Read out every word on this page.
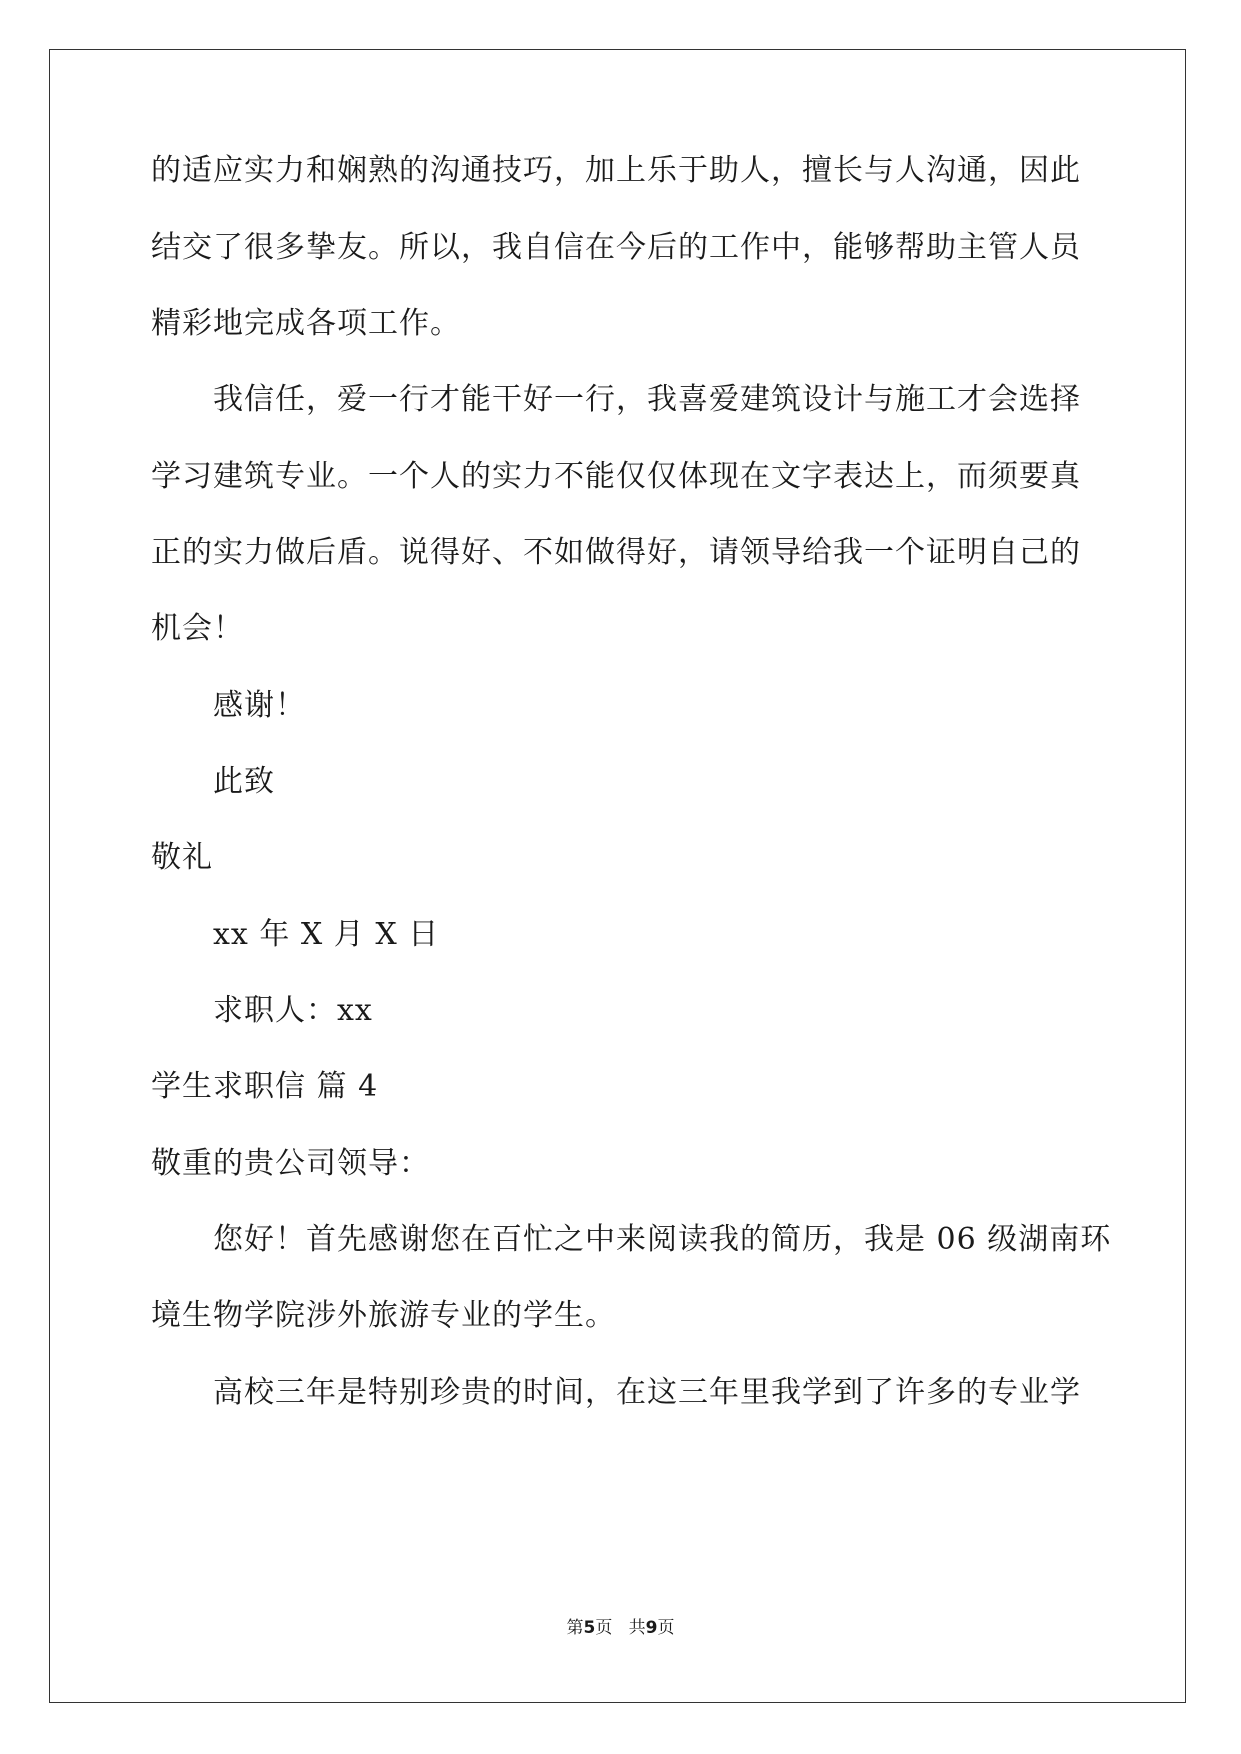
的适应实力和娴熟的沟通技巧，加上乐于助人，擅长与人沟通，因此
结交了很多挚友。所以，我自信在今后的工作中，能够帮助主管人员
精彩地完成各项工作。
我信任，爱一行才能干好一行，我喜爱建筑设计与施工才会选择
学习建筑专业。一个人的实力不能仅仅体现在文字表达上，而须要真
正的实力做后盾。说得好、不如做得好，请领导给我一个证明自己的
机会！
感谢！
此致
敬礼
xx 年 X 月 X 日
求职人：xx
学生求职信 篇 4
敬重的贵公司领导：
您好！首先感谢您在百忙之中来阅读我的简历，我是 06 级湖南环
境生物学院涉外旅游专业的学生。
高校三年是特别珍贵的时间，在这三年里我学到了许多的专业学
第5页 共9页
